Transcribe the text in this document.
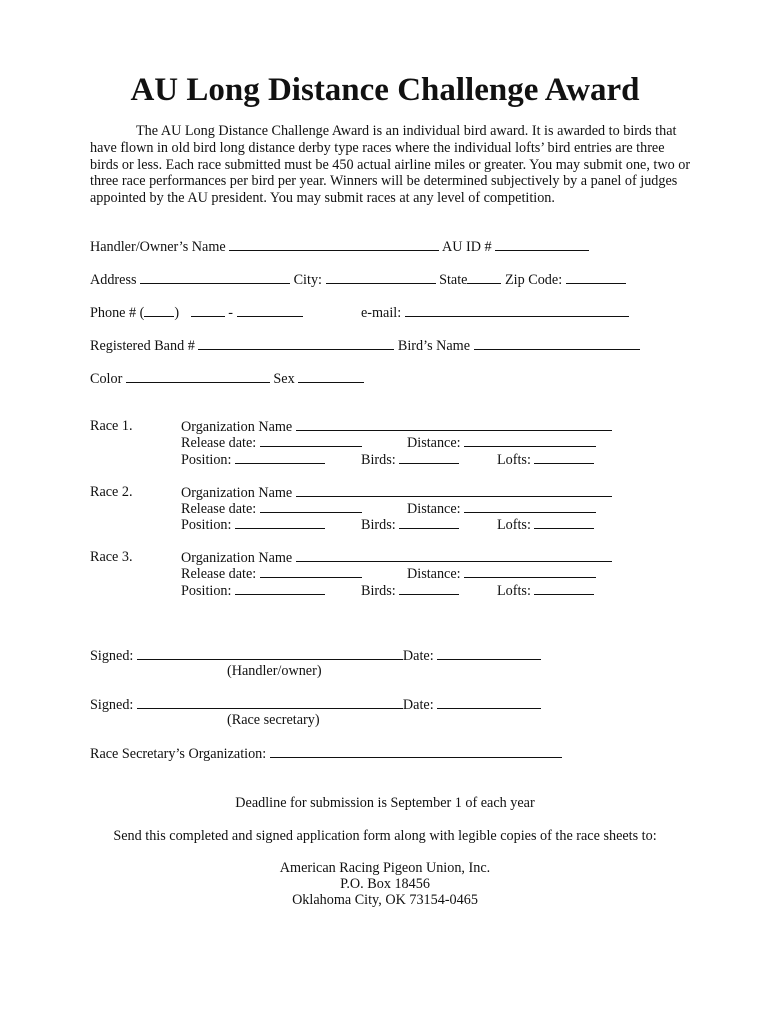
AU Long Distance Challenge Award

The AU Long Distance Challenge Award is an individual bird award. It is awarded to birds that have flown in old bird long distance derby type races where the individual lofts’ bird entries are three birds or less. Each race submitted must be 450 actual airline miles or greater. You may submit one, two or three race performances per bird per year. Winners will be determined subjectively by a panel of judges appointed by the AU president. You may submit races at any level of competition.

Handler/Owner’s Name	AU ID #
Address	City:	State	Zip Code:
Phone # ( )	-	e-mail:
Registered Band #	Bird’s Name
Color	Sex
Race 1.	Organization Name
Release date:	Distance:
Position:	Birds:	Lofts:
Race 2.	Organization Name
Release date:	Distance:
Position:	Birds:	Lofts:
Race 3.	Organization Name
Release date:	Distance:
Position:	Birds:	Lofts:
Signed:	Date:
(Handler/owner)
Signed:	Date:
(Race secretary)
Race Secretary’s Organization:
Deadline for submission is September 1 of each year
Send this completed and signed application form along with legible copies of the race sheets to:
American Racing Pigeon Union, Inc.
P.O. Box 18456
Oklahoma City, OK 73154-0465
